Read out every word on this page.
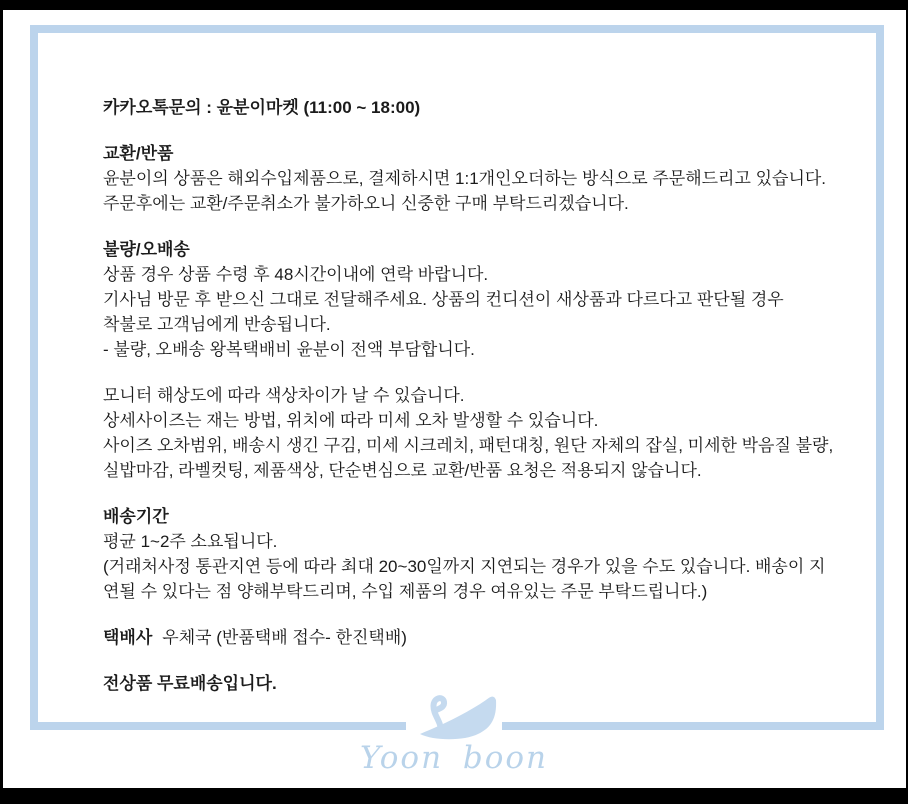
카카오톡문의 : 윤분이마켓 (11:00 ~ 18:00)
교환/반품
윤분이의 상품은 해외수입제품으로, 결제하시면 1:1개인오더하는 방식으로 주문해드리고 있습니다.
주문후에는 교환/주문취소가 불가하오니 신중한 구매 부탁드리겠습니다.
불량/오배송
상품 경우 상품 수령 후 48시간이내에 연락 바랍니다.
기사님 방문 후 받으신 그대로 전달해주세요. 상품의 컨디션이 새상품과 다르다고 판단될 경우
착불로 고객님에게 반송됩니다.
- 불량, 오배송 왕복택배비 윤분이 전액 부담합니다.
모니터 해상도에 따라 색상차이가 날 수 있습니다.
상세사이즈는 재는 방법, 위치에 따라 미세 오차 발생할 수 있습니다.
사이즈 오차범위, 배송시 생긴 구김, 미세 시크레치, 패턴대칭, 원단 자체의 잡실, 미세한 박음질 불량,
실밥마감, 라벨컷팅, 제품색상, 단순변심으로 교환/반품 요청은 적용되지 않습니다.
배송기간
평균 1~2주 소요됩니다.
(거래처사정 통관지연 등에 따라 최대 20~30일까지 지연되는 경우가 있을 수도 있습니다. 배송이 지
연될 수 있다는 점 양해부탁드리며, 수입 제품의 경우 여유있는 주문 부탁드립니다.)
택배사 우체국 (반품택배 접수- 한진택배)
전상품 무료배송입니다.
Yoon boon
